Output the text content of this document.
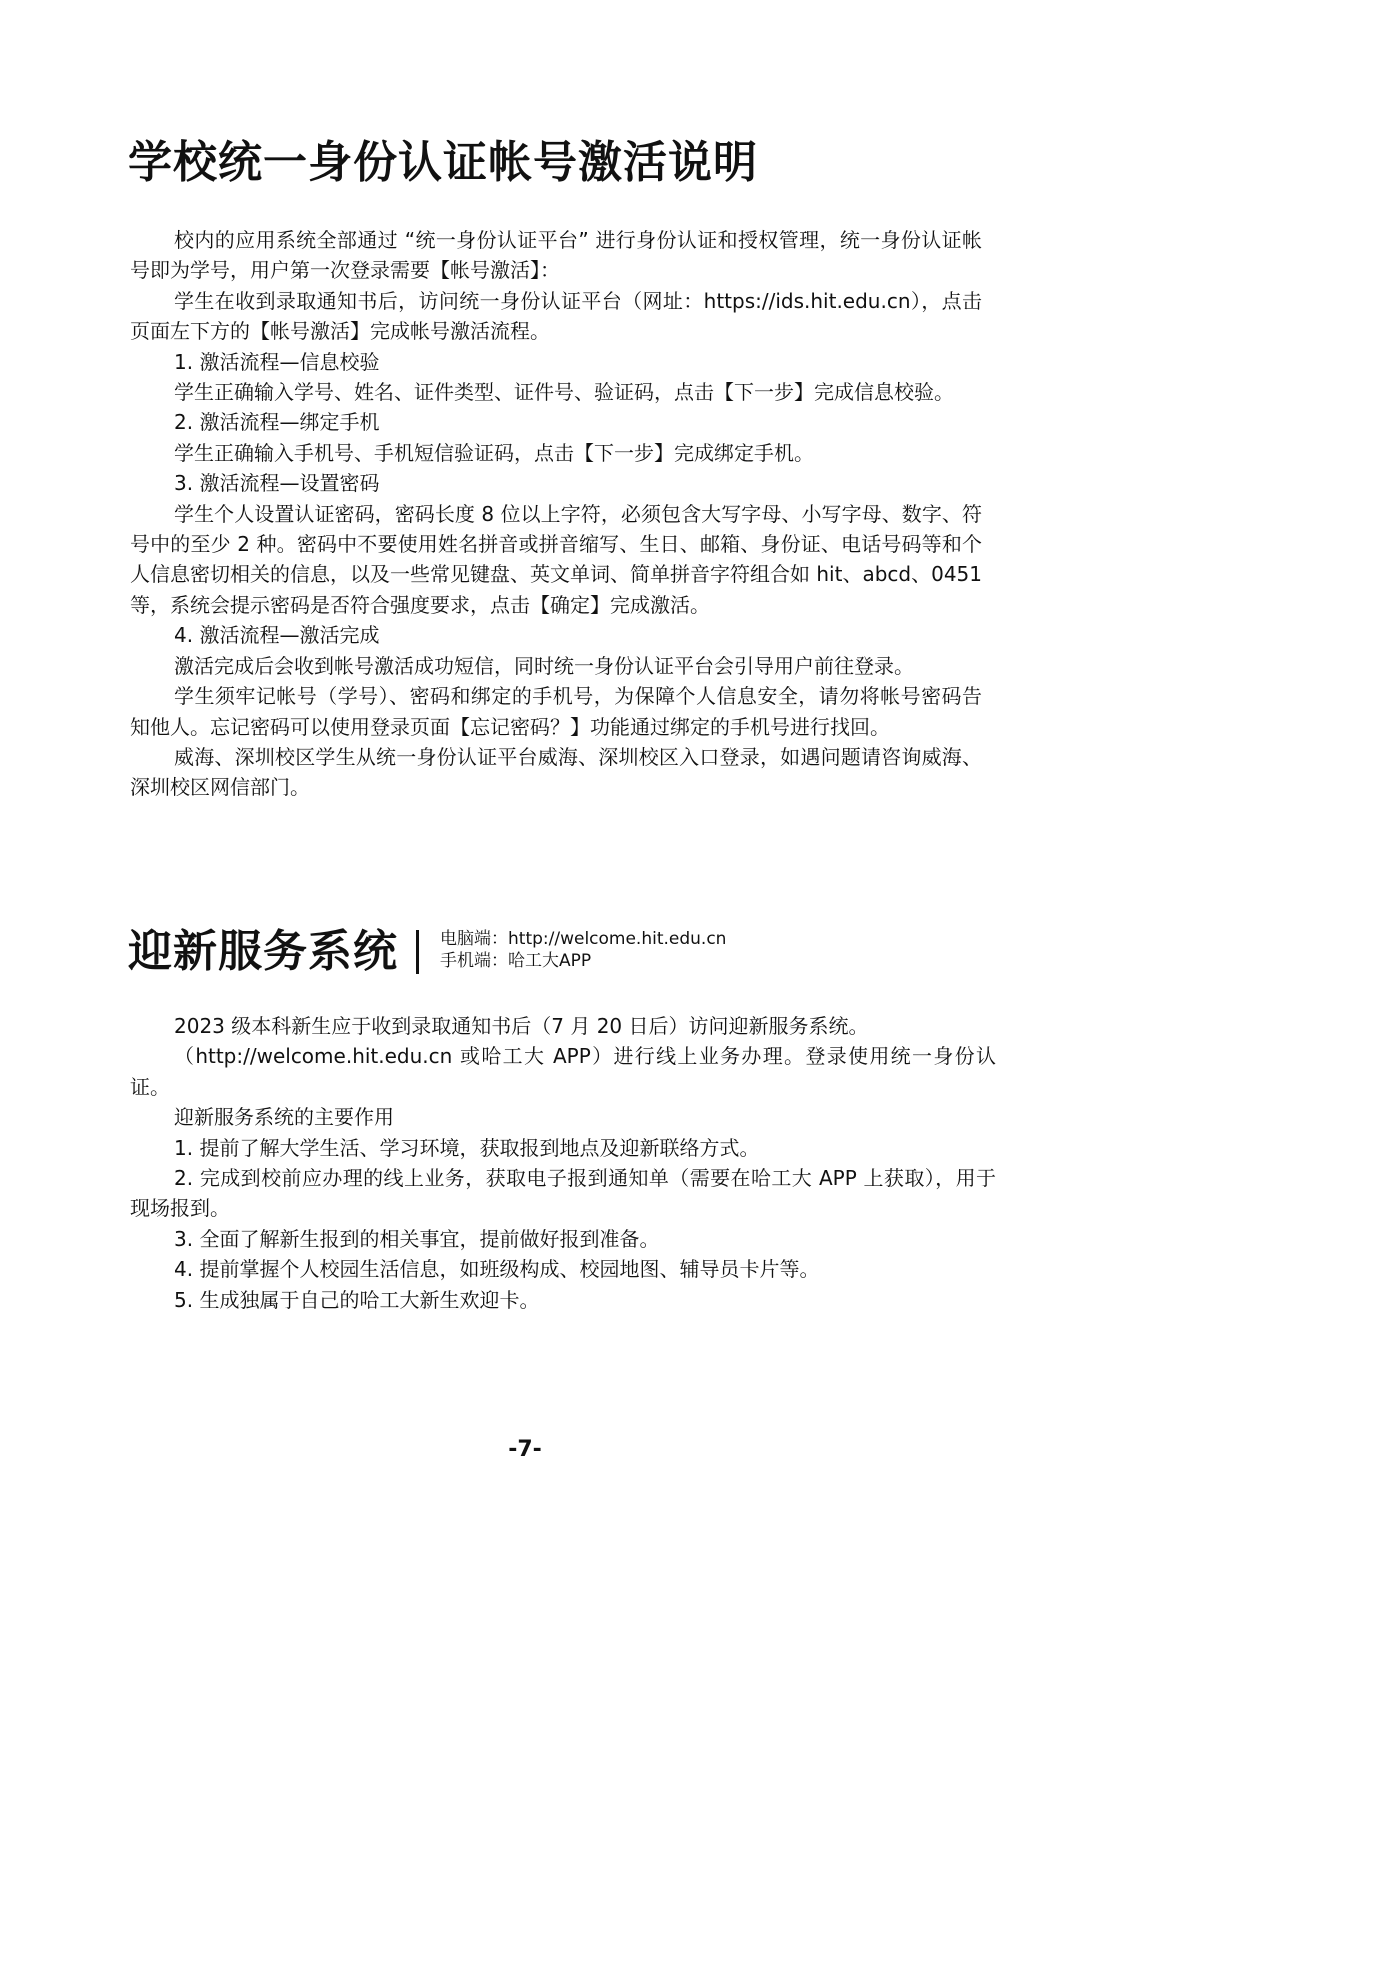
学校统一身份认证帐号激活说明

校内的应用系统全部通过 “统一身份认证平台” 进行身份认证和授权管理，统一身份认证帐号即为学号，用户第一次登录需要【帐号激活】：

学生在收到录取通知书后，访问统一身份认证平台（网址：https://ids.hit.edu.cn），点击页面左下方的【帐号激活】完成帐号激活流程。

1. 激活流程—信息校验

学生正确输入学号、姓名、证件类型、证件号、验证码，点击【下一步】完成信息校验。

2. 激活流程—绑定手机

学生正确输入手机号、手机短信验证码，点击【下一步】完成绑定手机。

3. 激活流程—设置密码

学生个人设置认证密码，密码长度 8 位以上字符，必须包含大写字母、小写字母、数字、符号中的至少 2 种。密码中不要使用姓名拼音或拼音缩写、生日、邮箱、身份证、电话号码等和个人信息密切相关的信息，以及一些常见键盘、英文单词、简单拼音字符组合如 hit、abcd、0451 等，系统会提示密码是否符合强度要求，点击【确定】完成激活。

4. 激活流程—激活完成

激活完成后会收到帐号激活成功短信，同时统一身份认证平台会引导用户前往登录。

学生须牢记帐号（学号）、密码和绑定的手机号，为保障个人信息安全，请勿将帐号密码告知他人。忘记密码可以使用登录页面【忘记密码？】功能通过绑定的手机号进行找回。

威海、深圳校区学生从统一身份认证平台威海、深圳校区入口登录，如遇问题请咨询威海、深圳校区网信部门。

迎新服务系统 电脑端：http://welcome.hit.edu.cn
手机端：哈工大APP

2023 级本科新生应于收到录取通知书后（7 月 20 日后）访问迎新服务系统。

（http://welcome.hit.edu.cn 或哈工大 APP）进行线上业务办理。登录使用统一身份认证。

迎新服务系统的主要作用

1. 提前了解大学生活、学习环境，获取报到地点及迎新联络方式。

2. 完成到校前应办理的线上业务，获取电子报到通知单（需要在哈工大 APP 上获取），用于现场报到。

3. 全面了解新生报到的相关事宜，提前做好报到准备。

4. 提前掌握个人校园生活信息，如班级构成、校园地图、辅导员卡片等。

5. 生成独属于自己的哈工大新生欢迎卡。

-7-
